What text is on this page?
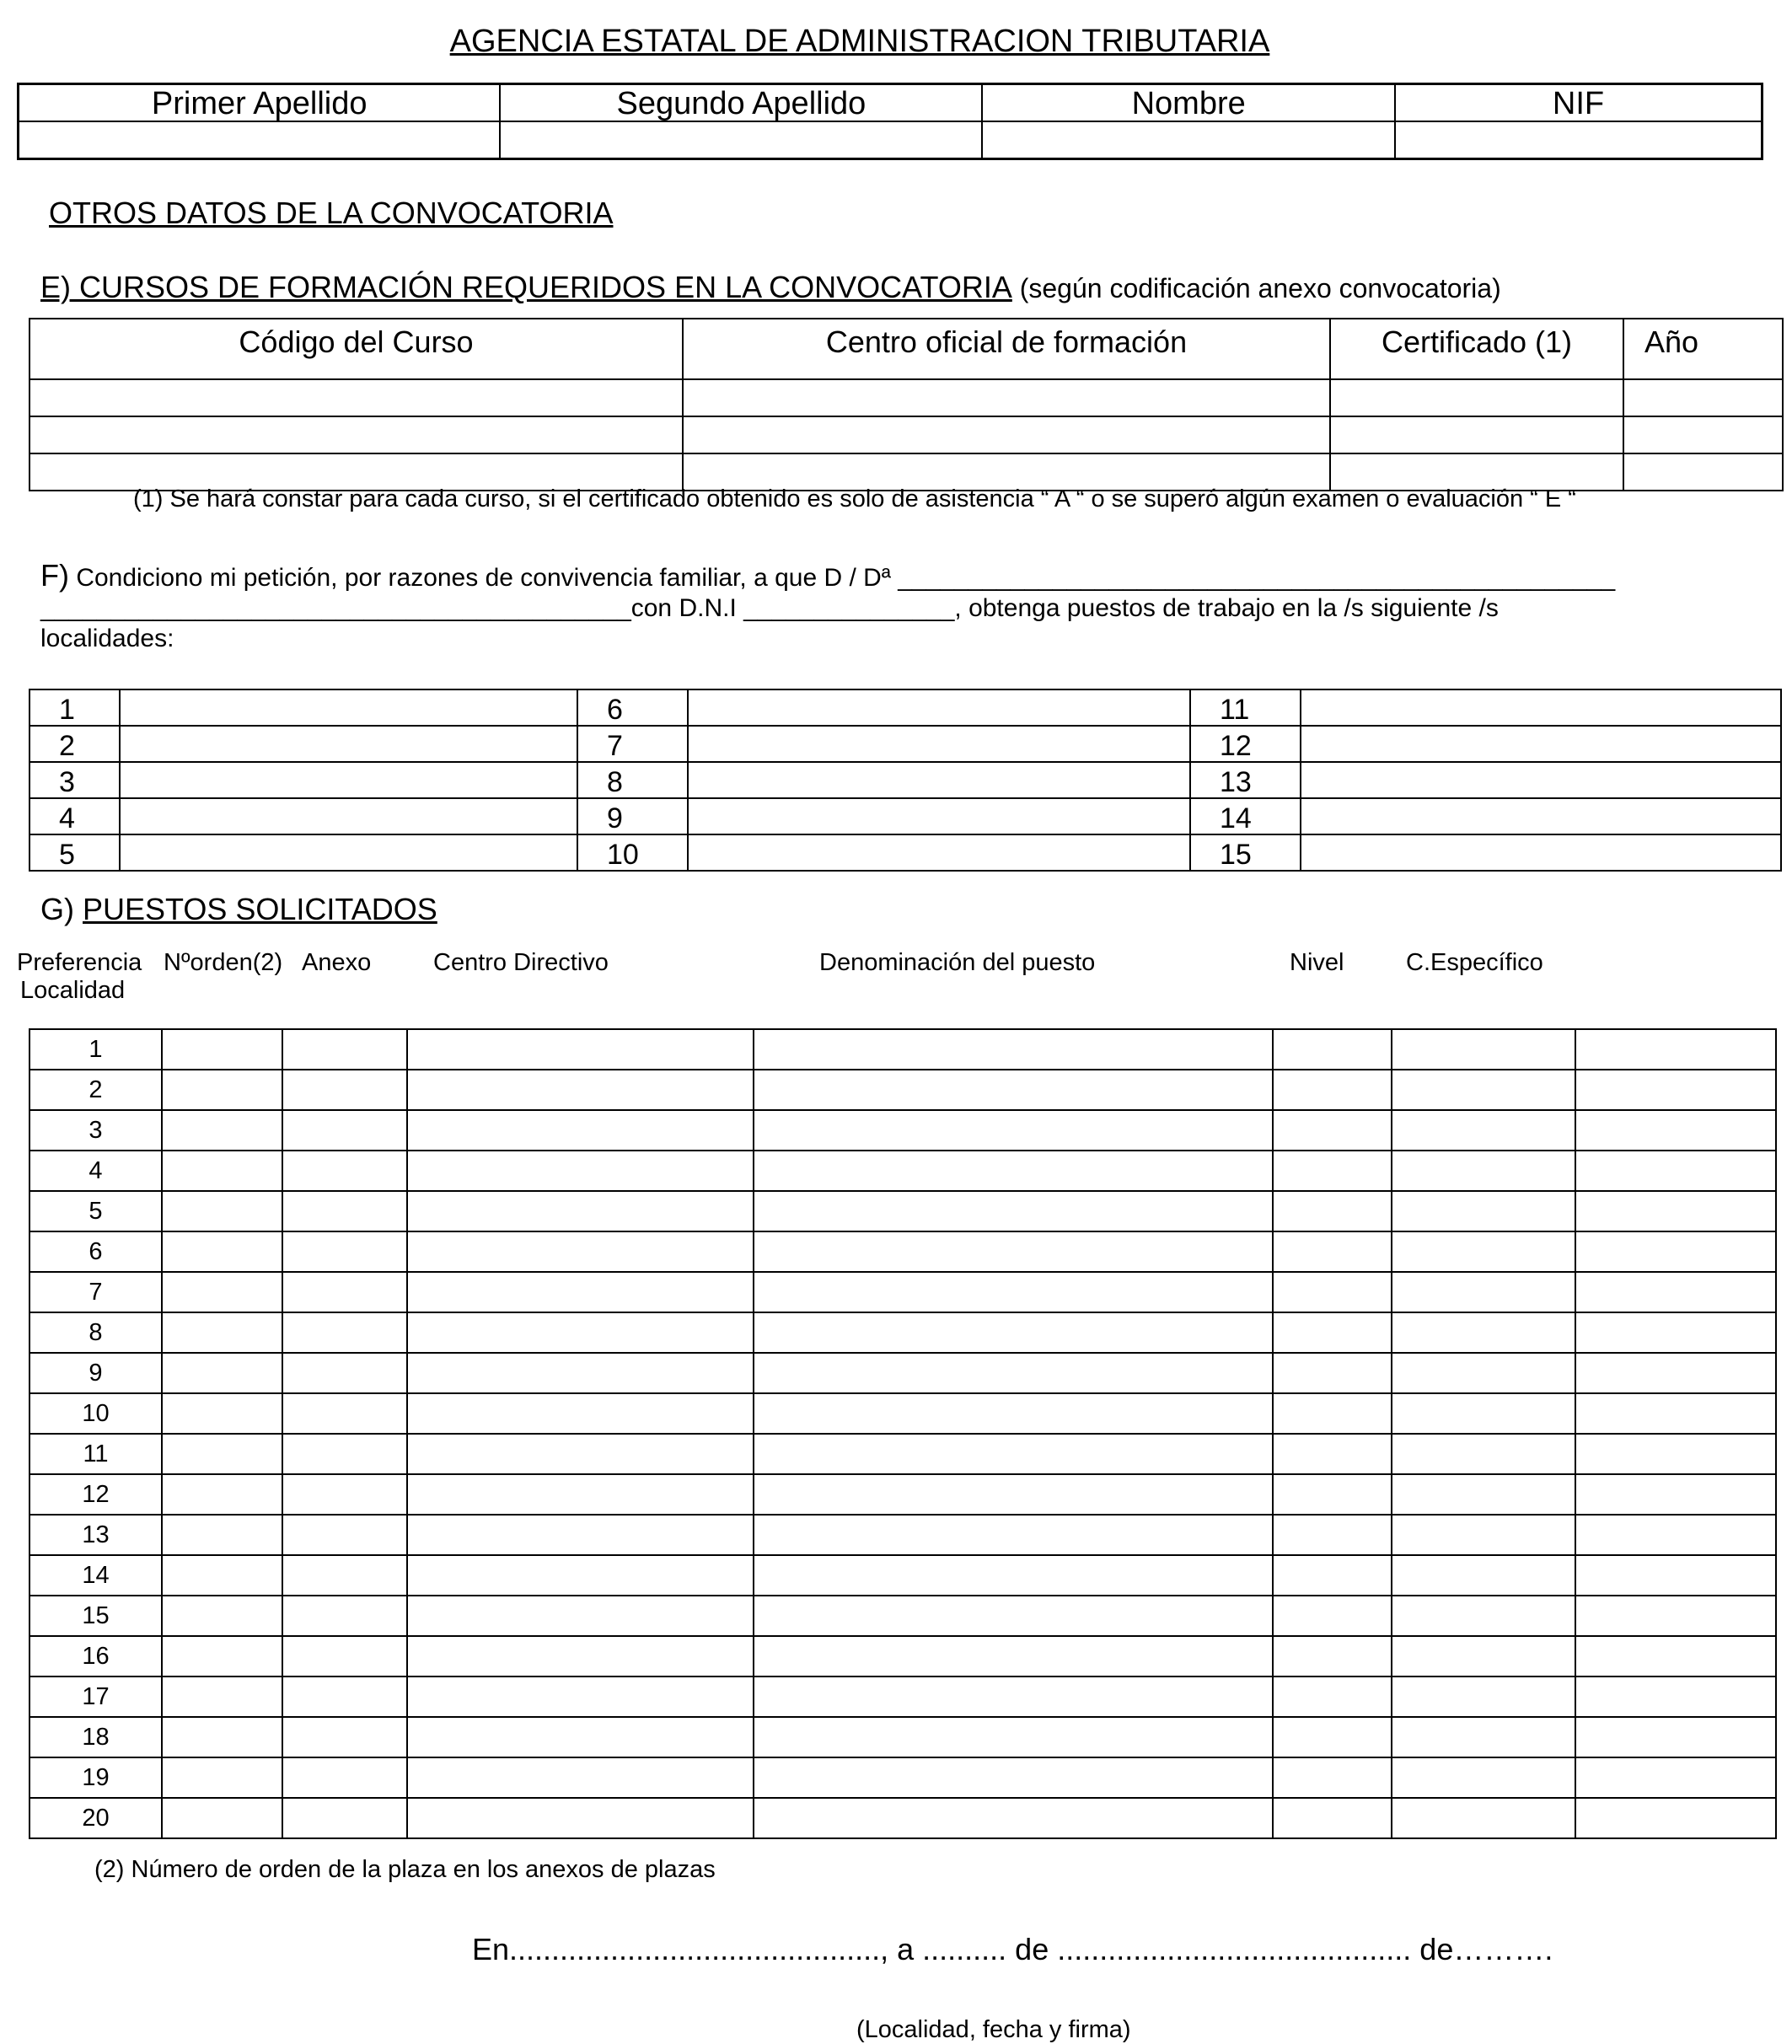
AGENCIA ESTATAL DE ADMINISTRACION TRIBUTARIA
Primer Apellido	Segundo Apellido	Nombre	NIF

OTROS DATOS DE LA CONVOCATORIA
E) CURSOS DE FORMACIÓN REQUERIDOS EN LA CONVOCATORIA (según codificación anexo convocatoria)
Código del Curso	Centro oficial de formación	Certificado (1)	Año

(1) Se hará constar para cada curso, si el certificado obtenido es solo de asistencia “ A “ o se superó algún examen o evaluación “ E “
F) Condiciono mi petición, por razones de convivencia familiar, a que D / Dª ___________________________________________________
__________________________________________con D.N.I _______________, obtenga puestos de trabajo en la /s siguiente /s
localidades:
1		6		11	
2		7		12	
3		8		13	
4		9		14	
5		10		15	
G) PUESTOS SOLICITADOS
Preferencia
Localidad
Nºorden(2) Anexo	Centro Directivo	Denominación del puesto	Nivel	C.Específico
1							
2							
3							
4							
5							
6							
7							
8							
9							
10							
11							
12							
13							
14							
15							
16							
17							
18							
19							
20							
(2) Número de orden de la plaza en los anexos de plazas
En............................................, a .......... de .......................................... de……….
(Localidad, fecha y firma)
